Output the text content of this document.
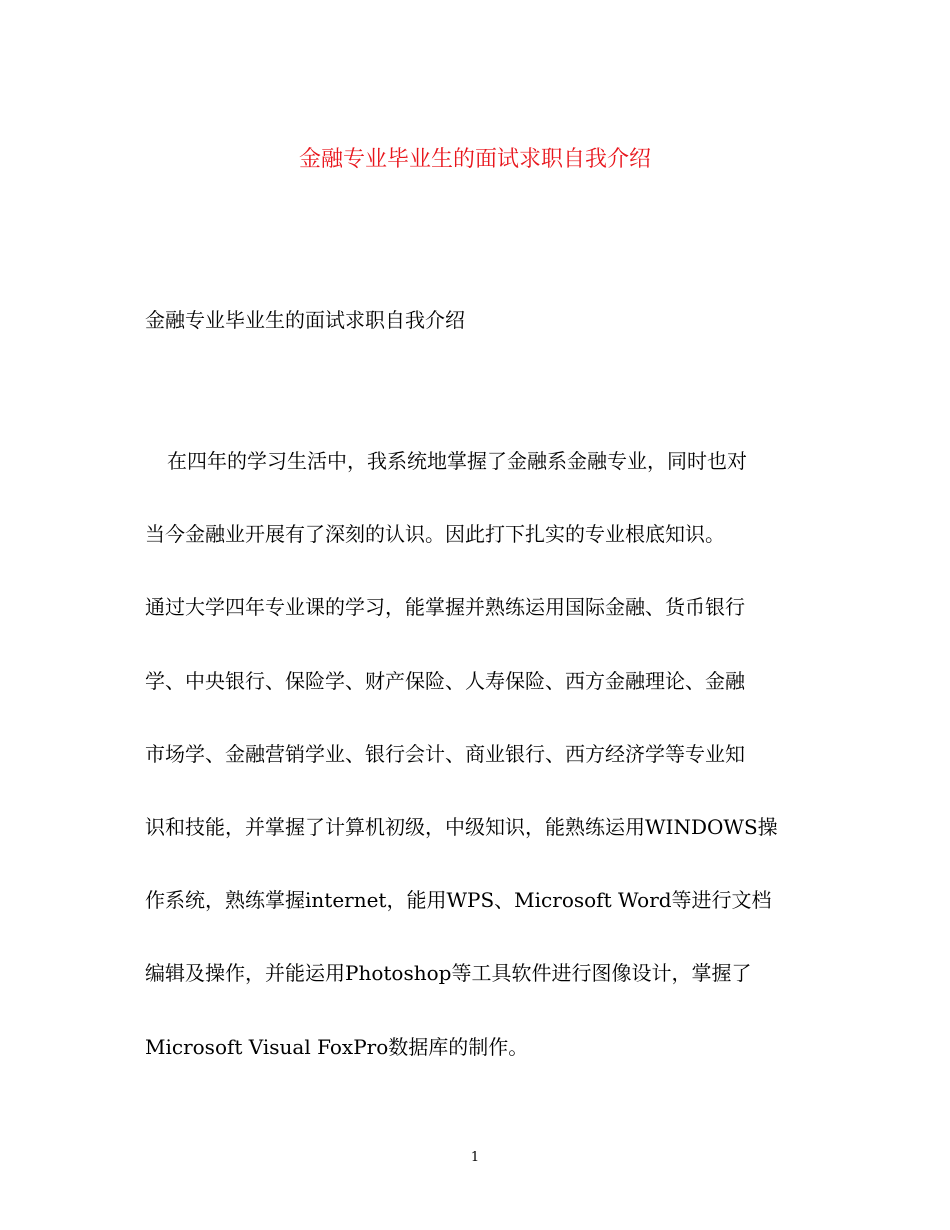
金融专业毕业生的面试求职自我介绍
金融专业毕业生的面试求职自我介绍
在四年的学习生活中，我系统地掌握了金融系金融专业，同时也对
当今金融业开展有了深刻的认识。因此打下扎实的专业根底知识。
通过大学四年专业课的学习，能掌握并熟练运用国际金融、货币银行
学、中央银行、保险学、财产保险、人寿保险、西方金融理论、金融
市场学、金融营销学业、银行会计、商业银行、西方经济学等专业知
识和技能，并掌握了计算机初级，中级知识，能熟练运用WINDOWS操
作系统，熟练掌握internet，能用WPS、Microsoft Word等进行文档
编辑及操作，并能运用Photoshop等工具软件进行图像设计，掌握了
Microsoft Visual FoxPro数据库的制作。
1
